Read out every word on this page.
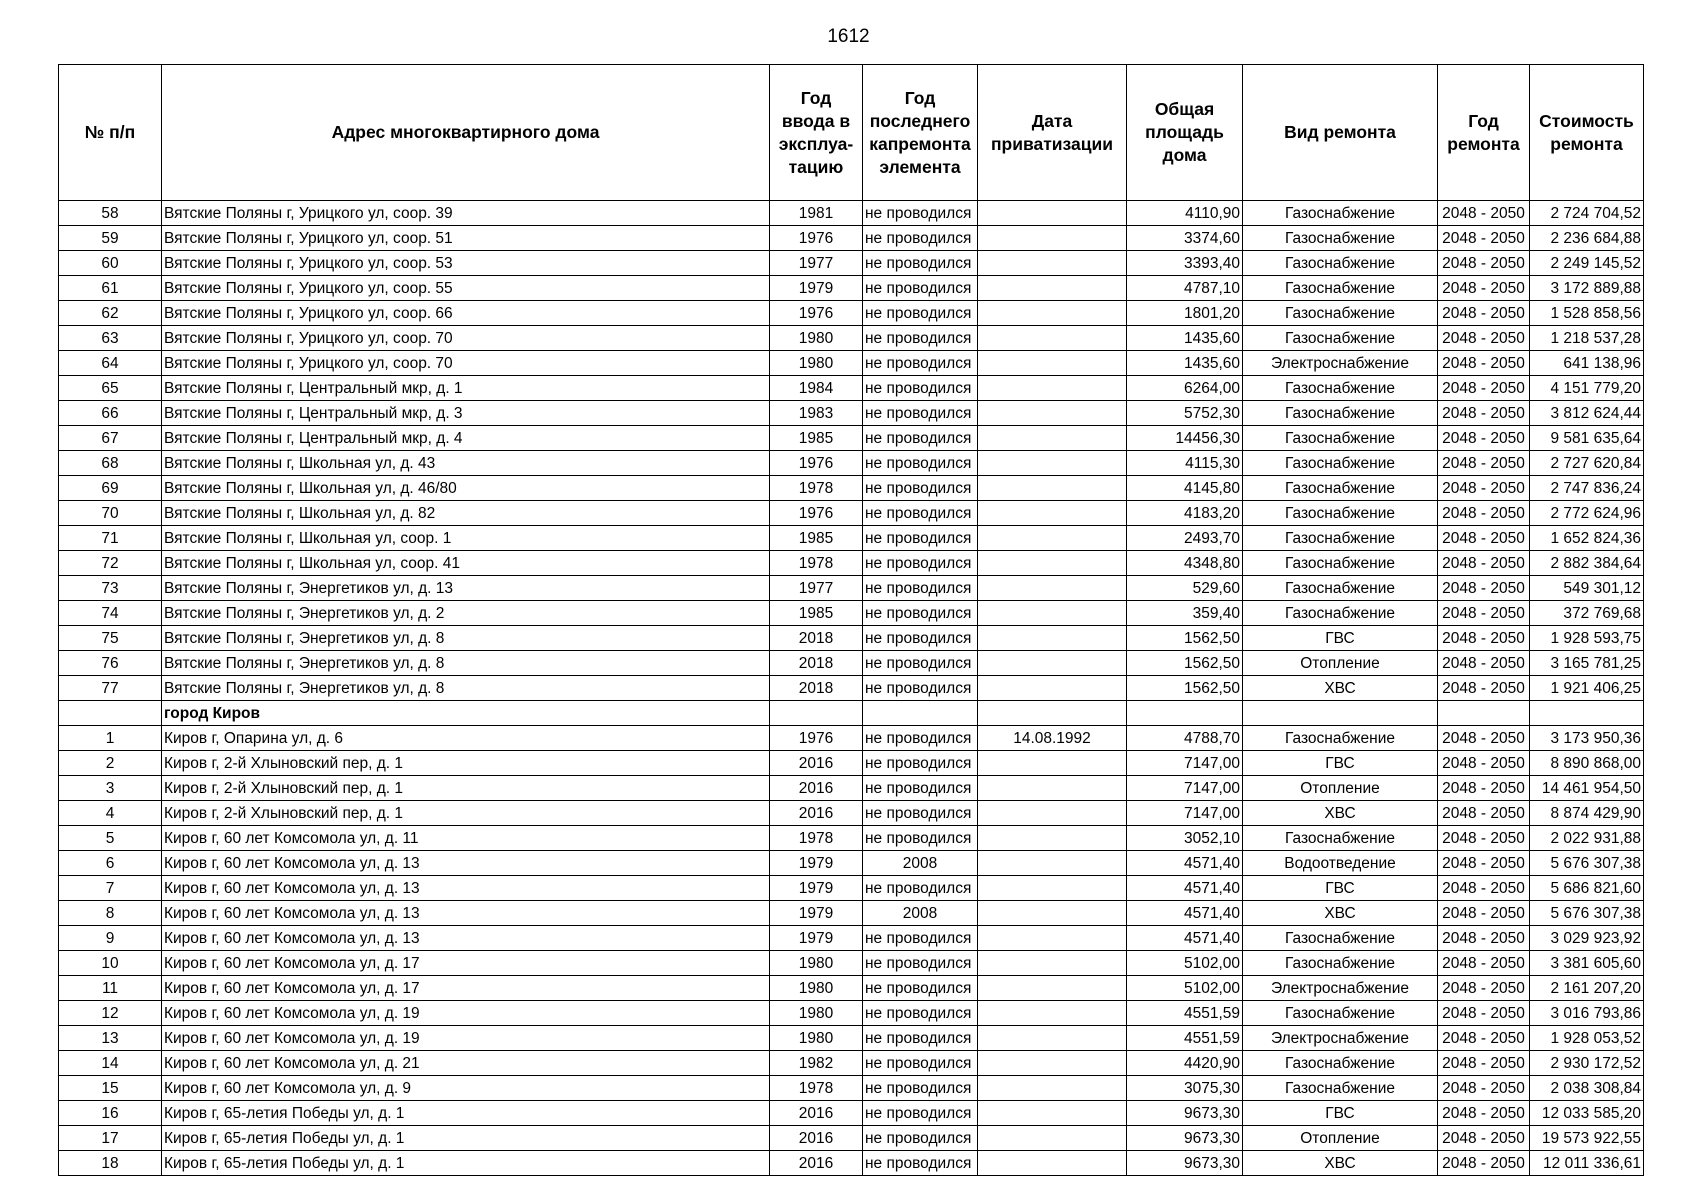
1612
№ п/п	Адрес многоквартирного дома	Год ввода в эксплуа-тацию	Год последнего капремонта элемента	Дата приватизации	Общая площадь дома	Вид ремонта	Год ремонта	Стоимость ремонта
58	Вятские Поляны г, Урицкого ул, соор. 39	1981	не проводился		4110,90	Газоснабжение	2048 - 2050	2 724 704,52
59	Вятские Поляны г, Урицкого ул, соор. 51	1976	не проводился		3374,60	Газоснабжение	2048 - 2050	2 236 684,88
60	Вятские Поляны г, Урицкого ул, соор. 53	1977	не проводился		3393,40	Газоснабжение	2048 - 2050	2 249 145,52
61	Вятские Поляны г, Урицкого ул, соор. 55	1979	не проводился		4787,10	Газоснабжение	2048 - 2050	3 172 889,88
62	Вятские Поляны г, Урицкого ул, соор. 66	1976	не проводился		1801,20	Газоснабжение	2048 - 2050	1 528 858,56
63	Вятские Поляны г, Урицкого ул, соор. 70	1980	не проводился		1435,60	Газоснабжение	2048 - 2050	1 218 537,28
64	Вятские Поляны г, Урицкого ул, соор. 70	1980	не проводился		1435,60	Электроснабжение	2048 - 2050	641 138,96
65	Вятские Поляны г, Центральный мкр, д. 1	1984	не проводился		6264,00	Газоснабжение	2048 - 2050	4 151 779,20
66	Вятские Поляны г, Центральный мкр, д. 3	1983	не проводился		5752,30	Газоснабжение	2048 - 2050	3 812 624,44
67	Вятские Поляны г, Центральный мкр, д. 4	1985	не проводился		14456,30	Газоснабжение	2048 - 2050	9 581 635,64
68	Вятские Поляны г, Школьная ул, д. 43	1976	не проводился		4115,30	Газоснабжение	2048 - 2050	2 727 620,84
69	Вятские Поляны г, Школьная ул, д. 46/80	1978	не проводился		4145,80	Газоснабжение	2048 - 2050	2 747 836,24
70	Вятские Поляны г, Школьная ул, д. 82	1976	не проводился		4183,20	Газоснабжение	2048 - 2050	2 772 624,96
71	Вятские Поляны г, Школьная ул, соор. 1	1985	не проводился		2493,70	Газоснабжение	2048 - 2050	1 652 824,36
72	Вятские Поляны г, Школьная ул, соор. 41	1978	не проводился		4348,80	Газоснабжение	2048 - 2050	2 882 384,64
73	Вятские Поляны г, Энергетиков ул, д. 13	1977	не проводился		529,60	Газоснабжение	2048 - 2050	549 301,12
74	Вятские Поляны г, Энергетиков ул, д. 2	1985	не проводился		359,40	Газоснабжение	2048 - 2050	372 769,68
75	Вятские Поляны г, Энергетиков ул, д. 8	2018	не проводился		1562,50	ГВС	2048 - 2050	1 928 593,75
76	Вятские Поляны г, Энергетиков ул, д. 8	2018	не проводился		1562,50	Отопление	2048 - 2050	3 165 781,25
77	Вятские Поляны г, Энергетиков ул, д. 8	2018	не проводился		1562,50	ХВС	2048 - 2050	1 921 406,25
	город Киров							
1	Киров г, Опарина ул, д. 6	1976	не проводился	14.08.1992	4788,70	Газоснабжение	2048 - 2050	3 173 950,36
2	Киров г, 2-й Хлыновский пер, д. 1	2016	не проводился		7147,00	ГВС	2048 - 2050	8 890 868,00
3	Киров г, 2-й Хлыновский пер, д. 1	2016	не проводился		7147,00	Отопление	2048 - 2050	14 461 954,50
4	Киров г, 2-й Хлыновский пер, д. 1	2016	не проводился		7147,00	ХВС	2048 - 2050	8 874 429,90
5	Киров г, 60 лет Комсомола ул, д. 11	1978	не проводился		3052,10	Газоснабжение	2048 - 2050	2 022 931,88
6	Киров г, 60 лет Комсомола ул, д. 13	1979	2008		4571,40	Водоотведение	2048 - 2050	5 676 307,38
7	Киров г, 60 лет Комсомола ул, д. 13	1979	не проводился		4571,40	ГВС	2048 - 2050	5 686 821,60
8	Киров г, 60 лет Комсомола ул, д. 13	1979	2008		4571,40	ХВС	2048 - 2050	5 676 307,38
9	Киров г, 60 лет Комсомола ул, д. 13	1979	не проводился		4571,40	Газоснабжение	2048 - 2050	3 029 923,92
10	Киров г, 60 лет Комсомола ул, д. 17	1980	не проводился		5102,00	Газоснабжение	2048 - 2050	3 381 605,60
11	Киров г, 60 лет Комсомола ул, д. 17	1980	не проводился		5102,00	Электроснабжение	2048 - 2050	2 161 207,20
12	Киров г, 60 лет Комсомола ул, д. 19	1980	не проводился		4551,59	Газоснабжение	2048 - 2050	3 016 793,86
13	Киров г, 60 лет Комсомола ул, д. 19	1980	не проводился		4551,59	Электроснабжение	2048 - 2050	1 928 053,52
14	Киров г, 60 лет Комсомола ул, д. 21	1982	не проводился		4420,90	Газоснабжение	2048 - 2050	2 930 172,52
15	Киров г, 60 лет Комсомола ул, д. 9	1978	не проводился		3075,30	Газоснабжение	2048 - 2050	2 038 308,84
16	Киров г, 65-летия Победы ул, д. 1	2016	не проводился		9673,30	ГВС	2048 - 2050	12 033 585,20
17	Киров г, 65-летия Победы ул, д. 1	2016	не проводился		9673,30	Отопление	2048 - 2050	19 573 922,55
18	Киров г, 65-летия Победы ул, д. 1	2016	не проводился		9673,30	ХВС	2048 - 2050	12 011 336,61
